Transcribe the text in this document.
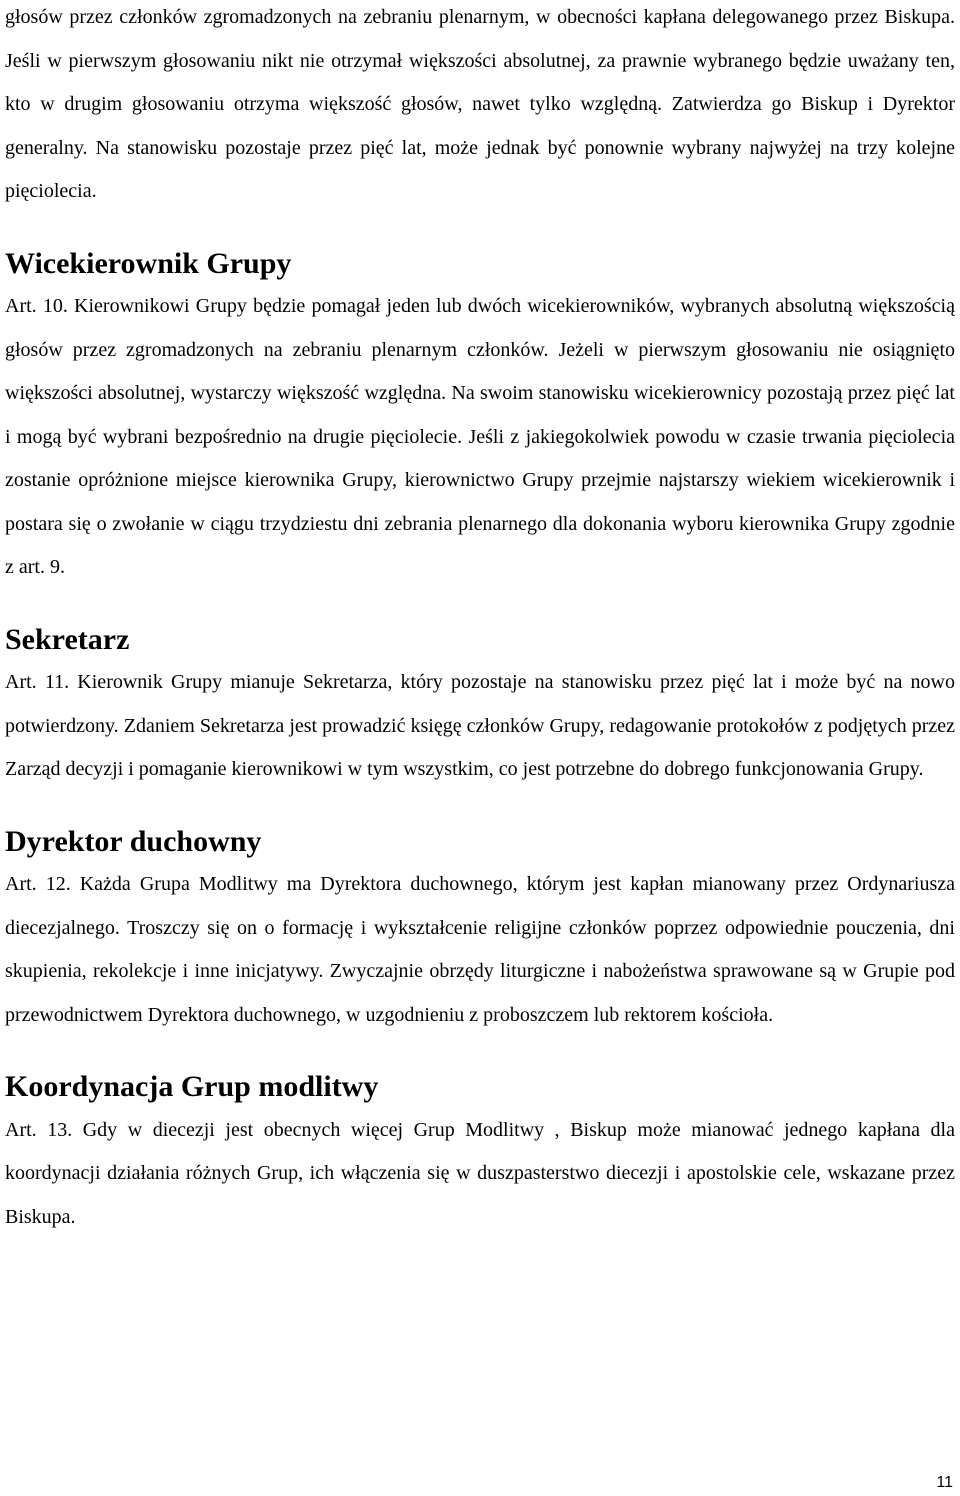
głosów przez członków zgromadzonych na zebraniu plenarnym, w obecności kapłana delegowanego przez Biskupa. Jeśli w pierwszym głosowaniu nikt nie otrzymał większości absolutnej, za prawnie wybranego będzie uważany ten, kto w drugim głosowaniu otrzyma większość głosów, nawet tylko względną. Zatwierdza go Biskup i Dyrektor generalny. Na stanowisku pozostaje przez pięć lat, może jednak być ponownie wybrany najwyżej na trzy kolejne pięciolecia.

Wicekierownik Grupy

Art. 10. Kierownikowi Grupy będzie pomagał jeden lub dwóch wicekierowników, wybranych absolutną większością głosów przez zgromadzonych na zebraniu plenarnym członków. Jeżeli w pierwszym głosowaniu nie osiągnięto większości absolutnej, wystarczy większość względna. Na swoim stanowisku wicekierownicy pozostają przez pięć lat i mogą być wybrani bezpośrednio na drugie pięciolecie. Jeśli z jakiegokolwiek powodu w czasie trwania pięciolecia zostanie opróżnione miejsce kierownika Grupy, kierownictwo Grupy przejmie najstarszy wiekiem wicekierownik i postara się o zwołanie w ciągu trzydziestu dni zebrania plenarnego dla dokonania wyboru kierownika Grupy zgodnie z art. 9.

Sekretarz

Art. 11. Kierownik Grupy mianuje Sekretarza, który pozostaje na stanowisku przez pięć lat i może być na nowo potwierdzony. Zdaniem Sekretarza jest prowadzić księgę członków Grupy, redagowanie protokołów z podjętych przez Zarząd decyzji i pomaganie kierownikowi w tym wszystkim, co jest potrzebne do dobrego funkcjonowania Grupy.

Dyrektor duchowny

Art. 12. Każda Grupa Modlitwy ma Dyrektora duchownego, którym jest kapłan mianowany przez Ordynariusza diecezjalnego. Troszczy się on o formację i wykształcenie religijne członków poprzez odpowiednie pouczenia, dni skupienia, rekolekcje i inne inicjatywy. Zwyczajnie obrzędy liturgiczne i nabożeństwa sprawowane są w Grupie pod przewodnictwem Dyrektora duchownego, w uzgodnieniu z proboszczem lub rektorem kościoła.

Koordynacja Grup modlitwy

Art. 13. Gdy w diecezji jest obecnych więcej Grup Modlitwy , Biskup może mianować jednego kapłana dla koordynacji działania różnych Grup, ich włączenia się w duszpasterstwo diecezji i apostolskie cele, wskazane przez Biskupa.

11
